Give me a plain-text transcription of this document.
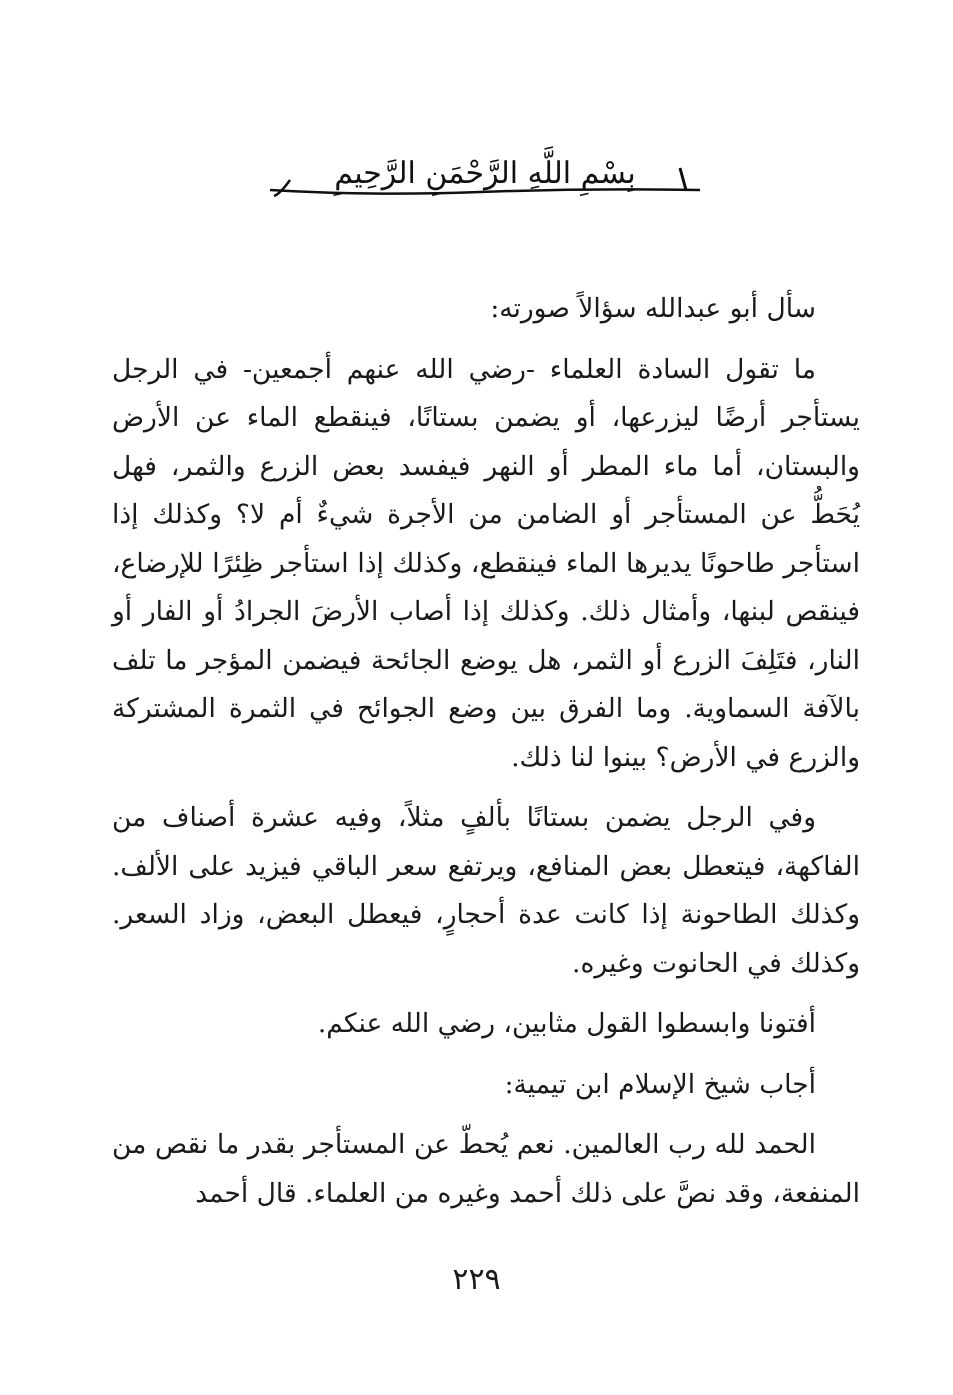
بِسْمِ اللَّهِ الرَّحْمَنِ الرَّحِيمِ

سأل أبو عبدالله سؤالاً صورته:

ما تقول السادة العلماء -رضي الله عنهم أجمعين- في الرجل يستأجر أرضًا ليزرعها، أو يضمن بستانًا، فينقطع الماء عن الأرض والبستان، أما ماء المطر أو النهر فيفسد بعض الزرع والثمر، فهل يُحَطُّ عن المستأجر أو الضامن من الأجرة شيءٌ أم لا؟ وكذلك إذا استأجر طاحونًا يديرها الماء فينقطع، وكذلك إذا استأجر ظِئرًا للإرضاع، فينقص لبنها، وأمثال ذلك. وكذلك إذا أصاب الأرضَ الجرادُ أو الفار أو النار، فتَلِفَ الزرع أو الثمر، هل يوضع الجائحة فيضمن المؤجر ما تلف بالآفة السماوية. وما الفرق بين وضع الجوائح في الثمرة المشتركة والزرع في الأرض؟ بينوا لنا ذلك.

وفي الرجل يضمن بستانًا بألفٍ مثلاً، وفيه عشرة أصناف من الفاكهة، فيتعطل بعض المنافع، ويرتفع سعر الباقي فيزيد على الألف. وكذلك الطاحونة إذا كانت عدة أحجارٍ، فيعطل البعض، وزاد السعر. وكذلك في الحانوت وغيره.

أفتونا وابسطوا القول مثابين، رضي الله عنكم.

أجاب شيخ الإسلام ابن تيمية:

الحمد لله رب العالمين. نعم يُحطّ عن المستأجر بقدر ما نقص من المنفعة، وقد نصَّ على ذلك أحمد وغيره من العلماء. قال أحمد

٢٢٩
